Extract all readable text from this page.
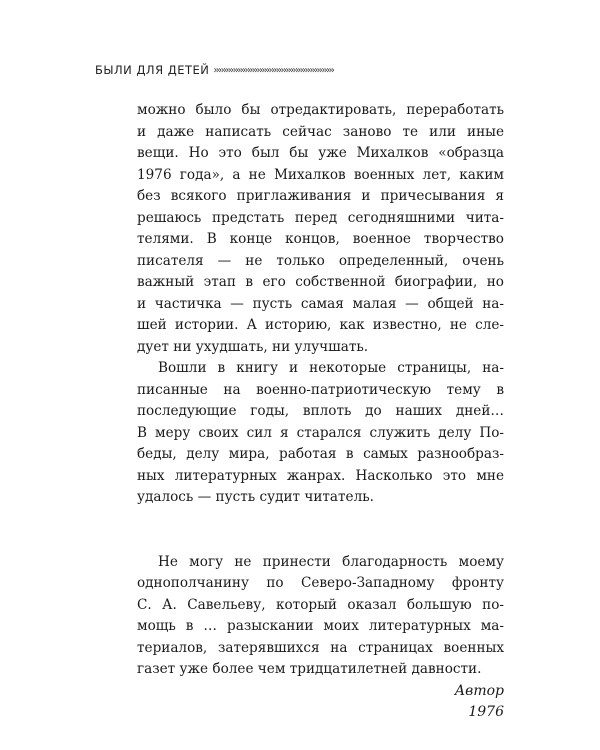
БЫЛИ ДЛЯ ДЕТЕЙ ››››››››››››››››››››››››››››››››››››››››››››››››››

можно было бы отредактировать, переработать

и даже написать сейчас заново те или иные

вещи. Но это был бы уже Михалков «образца

1976 года», а не Михалков военных лет, каким

без всякого приглаживания и причесывания я

решаюсь предстать перед сегодняшними чита-

телями. В конце концов, военное творчество

писателя — не только определенный, очень

важный этап в его собственной биографии, но

и частичка — пусть самая малая — общей на-

шей истории. А историю, как известно, не сле-

дует ни ухудшать, ни улучшать.

Вошли в книгу и некоторые страницы, на-

писанные на военно-патриотическую тему в

последующие годы, вплоть до наших дней…

В меру своих сил я старался служить делу По-

беды, делу мира, работая в самых разнообраз-

ных литературных жанрах. Насколько это мне

удалось — пусть судит читатель.

Не могу не принести благодарность моему

однополчанину по Северо-Западному фронту

С. А. Савельеву, который оказал большую по-

мощь в … разыскании моих литературных ма-

териалов, затерявшихся на страницах военных

газет уже более чем тридцатилетней давности.

Автор
1976
